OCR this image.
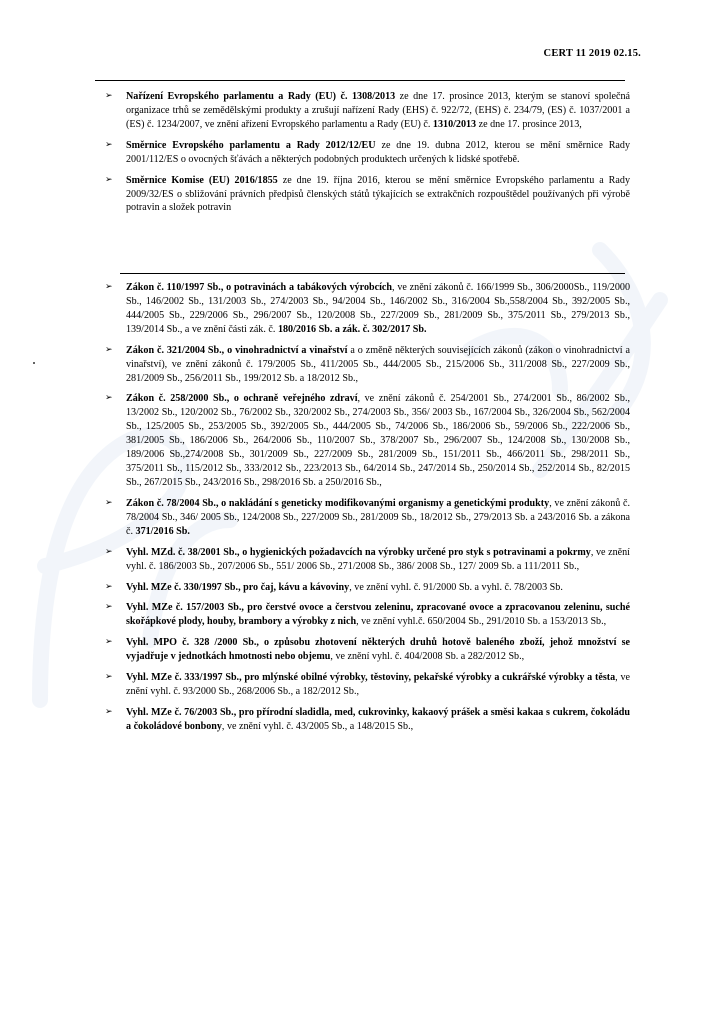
CERT 11 2019 02.15.
➢ Nařízení Evropského parlamentu a Rady (EU) č. 1308/2013 ze dne 17. prosince 2013, kterým se stanoví společná organizace trhů se zemědělskými produkty a zrušují nařízení Rady (EHS) č. 922/72, (EHS) č. 234/79, (ES) č. 1037/2001 a (ES) č. 1234/2007, ve znění ařízení Evropského parlamentu a Rady (EU) č. 1310/2013 ze dne 17. prosince 2013,
➢ Směrnice Evropského parlamentu a Rady 2012/12/EU ze dne 19. dubna 2012, kterou se mění směrnice Rady 2001/112/ES o ovocných šťávách a některých podobných produktech určených k lidské spotřebě.
➢ Směrnice Komise (EU) 2016/1855 ze dne 19. října 2016, kterou se mění směrnice Evropského parlamentu a Rady 2009/32/ES o sbližování právních předpisů členských států týkajících se extrakčních rozpouštědel používaných při výrobě potravin a složek potravin
➢ Zákon č. 110/1997 Sb., o potravinách a tabákových výrobcích, ve znění zákonů č. 166/1999 Sb., 306/2000Sb., 119/2000 Sb., 146/2002 Sb., 131/2003 Sb., 274/2003 Sb., 94/2004 Sb., 146/2002 Sb., 316/2004 Sb.,558/2004 Sb., 392/2005 Sb., 444/2005 Sb., 229/2006 Sb., 296/2007 Sb., 120/2008 Sb., 227/2009 Sb., 281/2009 Sb., 375/2011 Sb., 279/2013 Sb., 139/2014 Sb., a ve znění části zák. č. 180/2016 Sb. a zák. č. 302/2017 Sb.
➢ Zákon č. 321/2004 Sb., o vinohradnictví a vinařství a o změně některých souvisejících zákonů (zákon o vinohradnictví a vinařství), ve znění zákonů č. 179/2005 Sb., 411/2005 Sb., 444/2005 Sb., 215/2006 Sb., 311/2008 Sb., 227/2009 Sb., 281/2009 Sb., 256/2011 Sb., 199/2012 Sb. a 18/2012 Sb.,
➢ Zákon č. 258/2000 Sb., o ochraně veřejného zdraví, ve znění zákonů č. 254/2001 Sb., 274/2001 Sb., 86/2002 Sb., 13/2002 Sb., 120/2002 Sb., 76/2002 Sb., 320/2002 Sb., 274/2003 Sb., 356/ 2003 Sb., 167/2004 Sb., 326/2004 Sb., 562/2004 Sb., 125/2005 Sb., 253/2005 Sb., 392/2005 Sb., 444/2005 Sb., 74/2006 Sb., 186/2006 Sb., 59/2006 Sb., 222/2006 Sb., 381/2005 Sb., 186/2006 Sb., 264/2006 Sb., 110/2007 Sb., 378/2007 Sb., 296/2007 Sb., 124/2008 Sb., 130/2008 Sb., 189/2006 Sb.,274/2008 Sb., 301/2009 Sb., 227/2009 Sb., 281/2009 Sb., 151/2011 Sb., 466/2011 Sb., 298/2011 Sb., 375/2011 Sb., 115/2012 Sb., 333/2012 Sb., 223/2013 Sb., 64/2014 Sb., 247/2014 Sb., 250/2014 Sb., 252/2014 Sb., 82/2015 Sb., 267/2015 Sb., 243/2016 Sb., 298/2016 Sb. a 250/2016 Sb.,
➢ Zákon č. 78/2004 Sb., o nakládání s geneticky modifikovanými organismy a genetickými produkty, ve znění zákonů č. 78/2004 Sb., 346/ 2005 Sb., 124/2008 Sb., 227/2009 Sb., 281/2009 Sb., 18/2012 Sb., 279/2013 Sb. a 243/2016 Sb. a zákona č. 371/2016 Sb.
➢ Vyhl. MZd. č. 38/2001 Sb., o hygienických požadavcích na výrobky určené pro styk s potravinami a pokrmy, ve znění vyhl. č. 186/2003 Sb., 207/2006 Sb., 551/ 2006 Sb., 271/2008 Sb., 386/ 2008 Sb., 127/ 2009 Sb. a 111/2011 Sb.,
➢ Vyhl. MZe č. 330/1997 Sb., pro čaj, kávu a kávoviny, ve znění vyhl. č. 91/2000 Sb. a vyhl. č. 78/2003 Sb.
➢ Vyhl. MZe č. 157/2003 Sb., pro čerstvé ovoce a čerstvou zeleninu, zpracované ovoce a zpracovanou zeleninu, suché skořápkové plody, houby, brambory a výrobky z nich, ve znění vyhl.č. 650/2004 Sb., 291/2010 Sb. a 153/2013 Sb.,
➢ Vyhl. MPO č. 328 /2000 Sb., o způsobu zhotovení některých druhů hotově baleného zboží, jehož množství se vyjadřuje v jednotkách hmotnosti nebo objemu, ve znění vyhl. č. 404/2008 Sb. a 282/2012 Sb.,
➢ Vyhl. MZe č. 333/1997 Sb., pro mlýnské obilné výrobky, těstoviny, pekařské výrobky a cukrářské výrobky a těsta, ve znění vyhl. č. 93/2000 Sb., 268/2006 Sb., a 182/2012 Sb.,
➢ Vyhl. MZe č. 76/2003 Sb., pro přírodní sladidla, med, cukrovinky, kakaový prášek a směsi kakaa s cukrem, čokoládu a čokoládové bonbony, ve znění vyhl. č. 43/2005 Sb., a 148/2015 Sb.,
